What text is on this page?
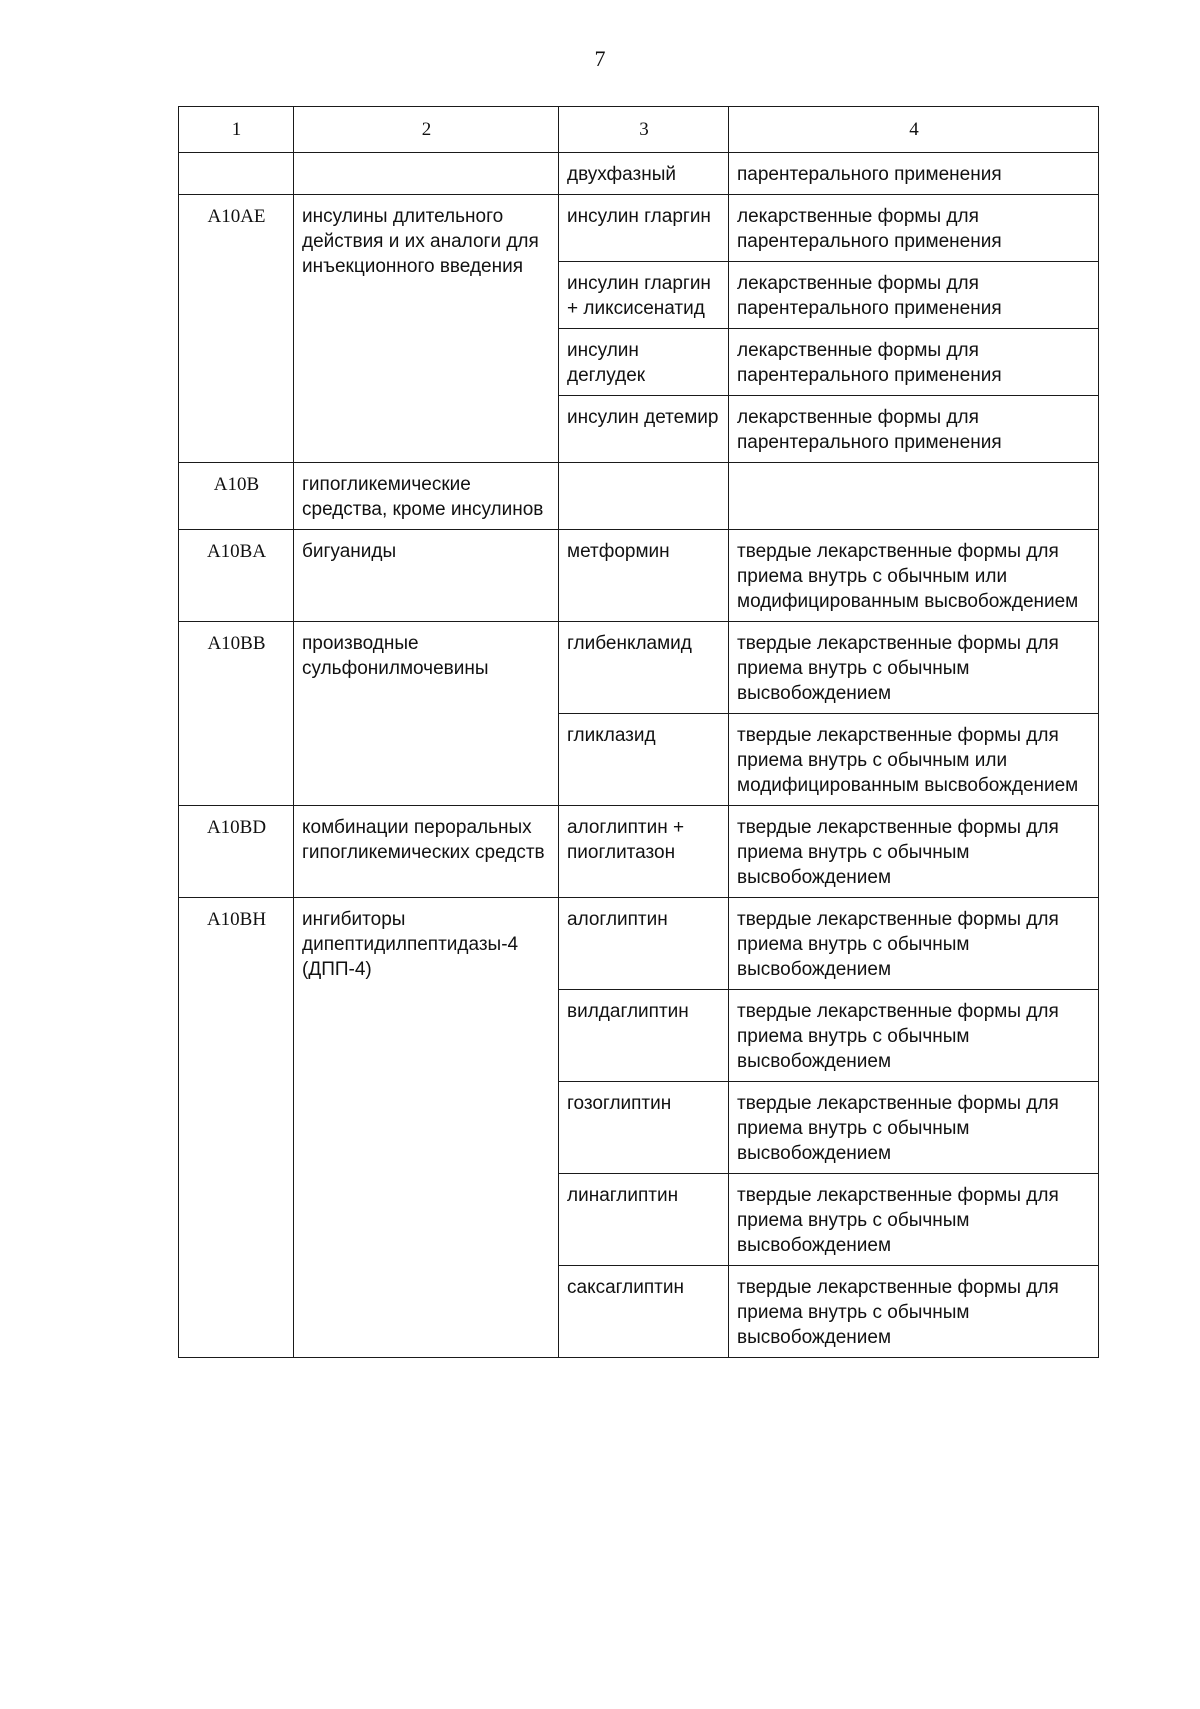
7
1	2	3	4
		двухфазный	парентерального применения
A10AE	инсулины длительного действия и их аналоги для инъекционного введения	инсулин гларгин	лекарственные формы для парентерального применения
		инсулин гларгин + ликсисенатид	лекарственные формы для парентерального применения
		инсулин деглудек	лекарственные формы для парентерального применения
		инсулин детемир	лекарственные формы для парентерального применения
A10B	гипогликемические средства, кроме инсулинов		
A10BA	бигуаниды	метформин	твердые лекарственные формы для приема внутрь с обычным или модифицированным высвобождением
A10BB	производные сульфонилмочевины	глибенкламид	твердые лекарственные формы для приема внутрь с обычным высвобождением
		гликлазид	твердые лекарственные формы для приема внутрь с обычным или модифицированным высвобождением
A10BD	комбинации пероральных гипогликемических средств	алоглиптин + пиоглитазон	твердые лекарственные формы для приема внутрь с обычным высвобождением
A10BH	ингибиторы дипептидилпептидазы-4 (ДПП-4)	алоглиптин	твердые лекарственные формы для приема внутрь с обычным высвобождением
		вилдаглиптин	твердые лекарственные формы для приема внутрь с обычным высвобождением
		гозоглиптин	твердые лекарственные формы для приема внутрь с обычным высвобождением
		линаглиптин	твердые лекарственные формы для приема внутрь с обычным высвобождением
		саксаглиптин	твердые лекарственные формы для приема внутрь с обычным высвобождением
